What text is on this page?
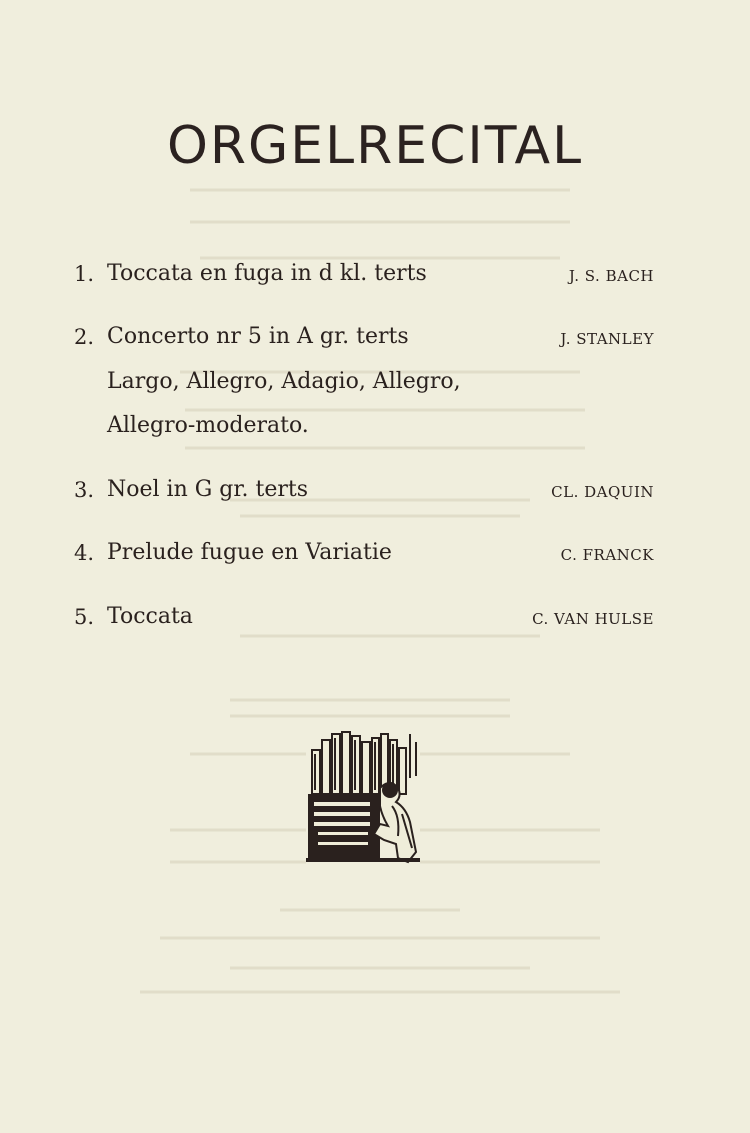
ORGELRECITAL
1. Toccata en fuga in d kl. terts	J. S. BACH
2. Concerto nr 5 in A gr. terts	J. STANLEY
Largo, Allegro, Adagio, Allegro,
Allegro-moderato.
3. Noel in G gr. terts	CL. DAQUIN
4. Prelude fugue en Variatie	C. FRANCK
5. Toccata	C. VAN HULSE
